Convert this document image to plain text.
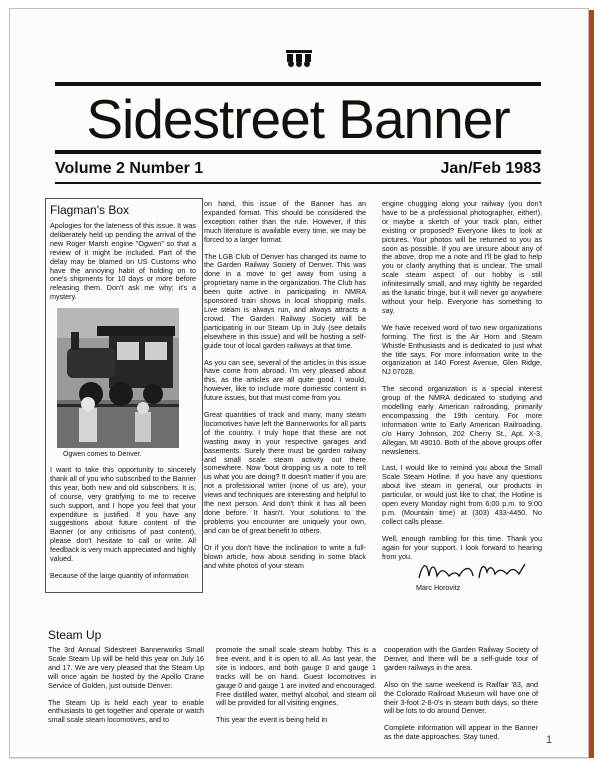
Sidestreet Banner
Volume 2 Number 1	Jan/Feb 1983
Flagman's Box

Apologies for the lateness of this issue. It was deliberately held up pending the arrival of the new Roger Marsh engine "Ogwen" so that a review of it might be included. Part of the delay may be blamed on US Customs who have the annoying habit of holding on to one's shipments for 10 days or more before releasing them. Don't ask me why; it's a mystery.

Ogwen comes to Denver.

I want to take this opportunity to sincerely thank all of you who subscribed to the Banner this year, both new and old subscribers. It is, of course, very gratifying to me to receive such support, and I hope you feel that your expenditure is justified. If you have any suggestions about future content of the Banner (or any criticisms of past content), please don't hesitate to call or write. All feedback is very much appreciated and highly valued.

Because of the large quantity of information

on hand, this issue of the Banner has an expanded format. This should be considered the exception rather than the rule. However, if this much literature is available every time, we may be forced to a larger format.

The LGB Club of Denver has changed its name to the Garden Railway Society of Denver. This was done in a move to get away from using a proprietary name in the organization. The Club has been quite active in participating in NMRA sponsored train shows in local shopping malls. Live steam is always run, and always attracts a crowd. The Garden Railway Society will be participating in our Steam Up in July (see details elsewhere in this issue) and will be hosting a self-guide tour of local garden railways at that time.

As you can see, several of the articles in this issue have come from abroad. I'm very pleased about this, as the articles are all quite good. I would, however, like to include more domestic content in future issues, but that must come from you.

Great quantities of track and many, many steam locomotives have left the Bannerworks for all parts of the country. I truly hope that these are not wasting away in your respective garages and basements. Surely there must be garden railway and small scale steam activity out there somewhere. Now 'bout dropping us a note to tell us what you are doing? It doesn't matter if you are not a professional writer (none of us are), your views and techniques are interesting and helpful to the next person. And don't think it has all been done before. It hasn't. Your solutions to the problems you encounter are uniquely your own, and can be of great benefit to others.

Or if you don't have the inclination to write a full-blown article, how about sending in some black and white photos of your steam

engine chugging along your railway (you don't have to be a professional photographer, either!), or maybe a sketch of your track plan, either existing or proposed? Everyone likes to look at pictures. Your photos will be returned to you as soon as possible. If you are unsure about any of the above, drop me a note and I'll be glad to help you or clarify anything that is unclear. The small scale steam aspect of our hobby is still infinitesimally small, and may rightly be regarded as the lunatic fringe, but it will never go anywhere without your help. Everyone has something to say.

We have received word of two new organizations forming. The first is the Air Horn and Steam Whistle Enthusiasts and is dedicated to just what the title says. For more information write to the organization at 140 Forest Avenue, Glen Ridge, NJ 07028.

The second organization is a special interest group of the NMRA dedicated to studying and modelling early American railroading, primarily encompassing the 19th century. For more information write to Early American Railroading, c/o Harry Johnson, 202 Cherry St., Apt. X-3, Allegan, MI 49010. Both of the above groups offer newsletters.

Last, I would like to remind you about the Small Scale Steam Hotline. If you have any questions about live steam in general, our products in particular, or would just like to chat, the Hotline is open every Monday night from 6:00 p.m. to 9:00 p.m. (Mountain time) at (303) 433-4450. No collect calls please.

Well, enough rambling for this time. Thank you again for your support. I look forward to hearing from you.

Marc Horovitz
Steam Up

The 3rd Annual Sidestreet Bannerworks Small Scale Steam Up will be held this year on July 16 and 17. We are very pleased that the Steam Up will once again be hosted by the Apollo Crane Service of Golden, just outside Denver.

The Steam Up is held each year to enable enthusiasts to get together and operate or watch small scale steam locomotives, and to

promote the small scale steam hobby. This is a free event, and it is open to all. As last year, the site is indoors, and both gauge 0 and gauge 1 tracks will be on hand. Guest locomotives in gauge 0 and gauge 1 are invited and encouraged. Free distilled water, methyl alcohol, and steam oil will be provided for all visiting engines.

This year the event is being held in

cooperation with the Garden Railway Society of Denver, and there will be a self-guide tour of garden railways in the area.

Also on the same weekend is Railfair '83, and the Colorado Railroad Museum will have one of their 3-foot 2-8-0's in steam both days, so there will be lots to do around Denver.

Complete information will appear in the Banner as the date approaches. Stay tuned.	1
